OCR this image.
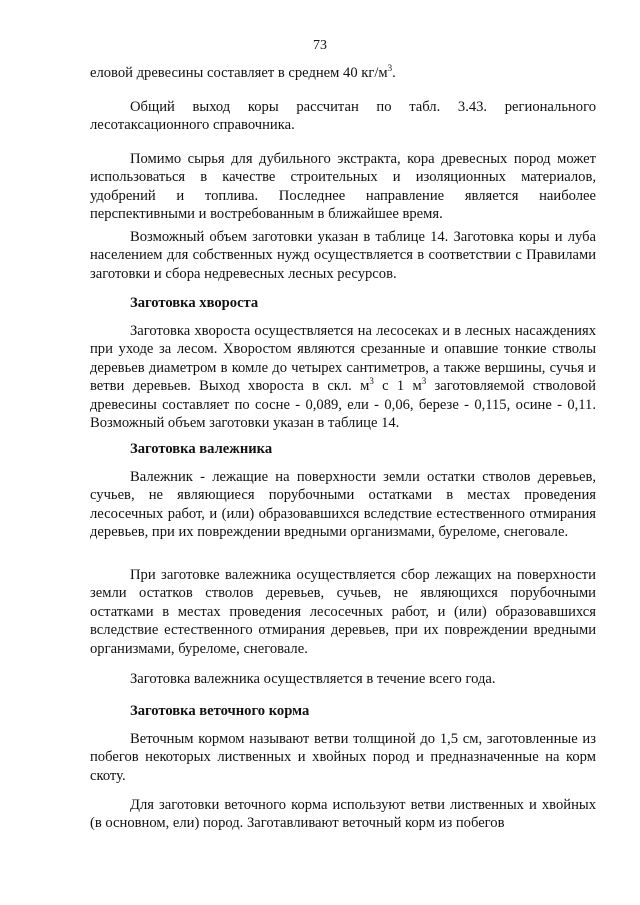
73

еловой древесины составляет в среднем 40 $кг/м^3$.

Общий выход коры рассчитан по табл. 3.43. регионального лесотаксационного справочника.

Помимо сырья для дубильного экстракта, кора древесных пород может использоваться в качестве строительных и изоляционных материалов, удобрений и топлива. Последнее направление является наиболее перспективными и востребованным в ближайшее время.

Возможный объем заготовки указан в таблице 14. Заготовка коры и луба населением для собственных нужд осуществляется в соответствии с Правилами заготовки и сбора недревесных лесных ресурсов.

Заготовка хвороста

Заготовка хвороста осуществляется на лесосеках и в лесных насаждениях при уходе за лесом. Хворостом являются срезанные и опавшие тонкие стволы деревьев диаметром в комле до четырех сантиметров, а также вершины, сучья и ветви деревьев. Выход хвороста в скл. $м^3$ с 1 $м^3$ заготовляемой стволовой древесины составляет по сосне - 0,089, ели - 0,06, березе - 0,115, осине - 0,11. Возможный объем заготовки указан в таблице 14.

Заготовка валежника

Валежник - лежащие на поверхности земли остатки стволов деревьев, сучьев, не являющиеся порубочными остатками в местах проведения лесосечных работ, и (или) образовавшихся вследствие естественного отмирания деревьев, при их повреждении вредными организмами, буреломе, снеговале.

При заготовке валежника осуществляется сбор лежащих на поверхности земли остатков стволов деревьев, сучьев, не являющихся порубочными остатками в местах проведения лесосечных работ, и (или) образовавшихся вследствие естественного отмирания деревьев, при их повреждении вредными организмами, буреломе, снеговале.

Заготовка валежника осуществляется в течение всего года.

Заготовка веточного корма

Веточным кормом называют ветви толщиной до 1,5 см, заготовленные из побегов некоторых лиственных и хвойных пород и предназначенные на корм скоту.

Для заготовки веточного корма используют ветви лиственных и хвойных (в основном, ели) пород. Заготавливают веточный корм из побегов
